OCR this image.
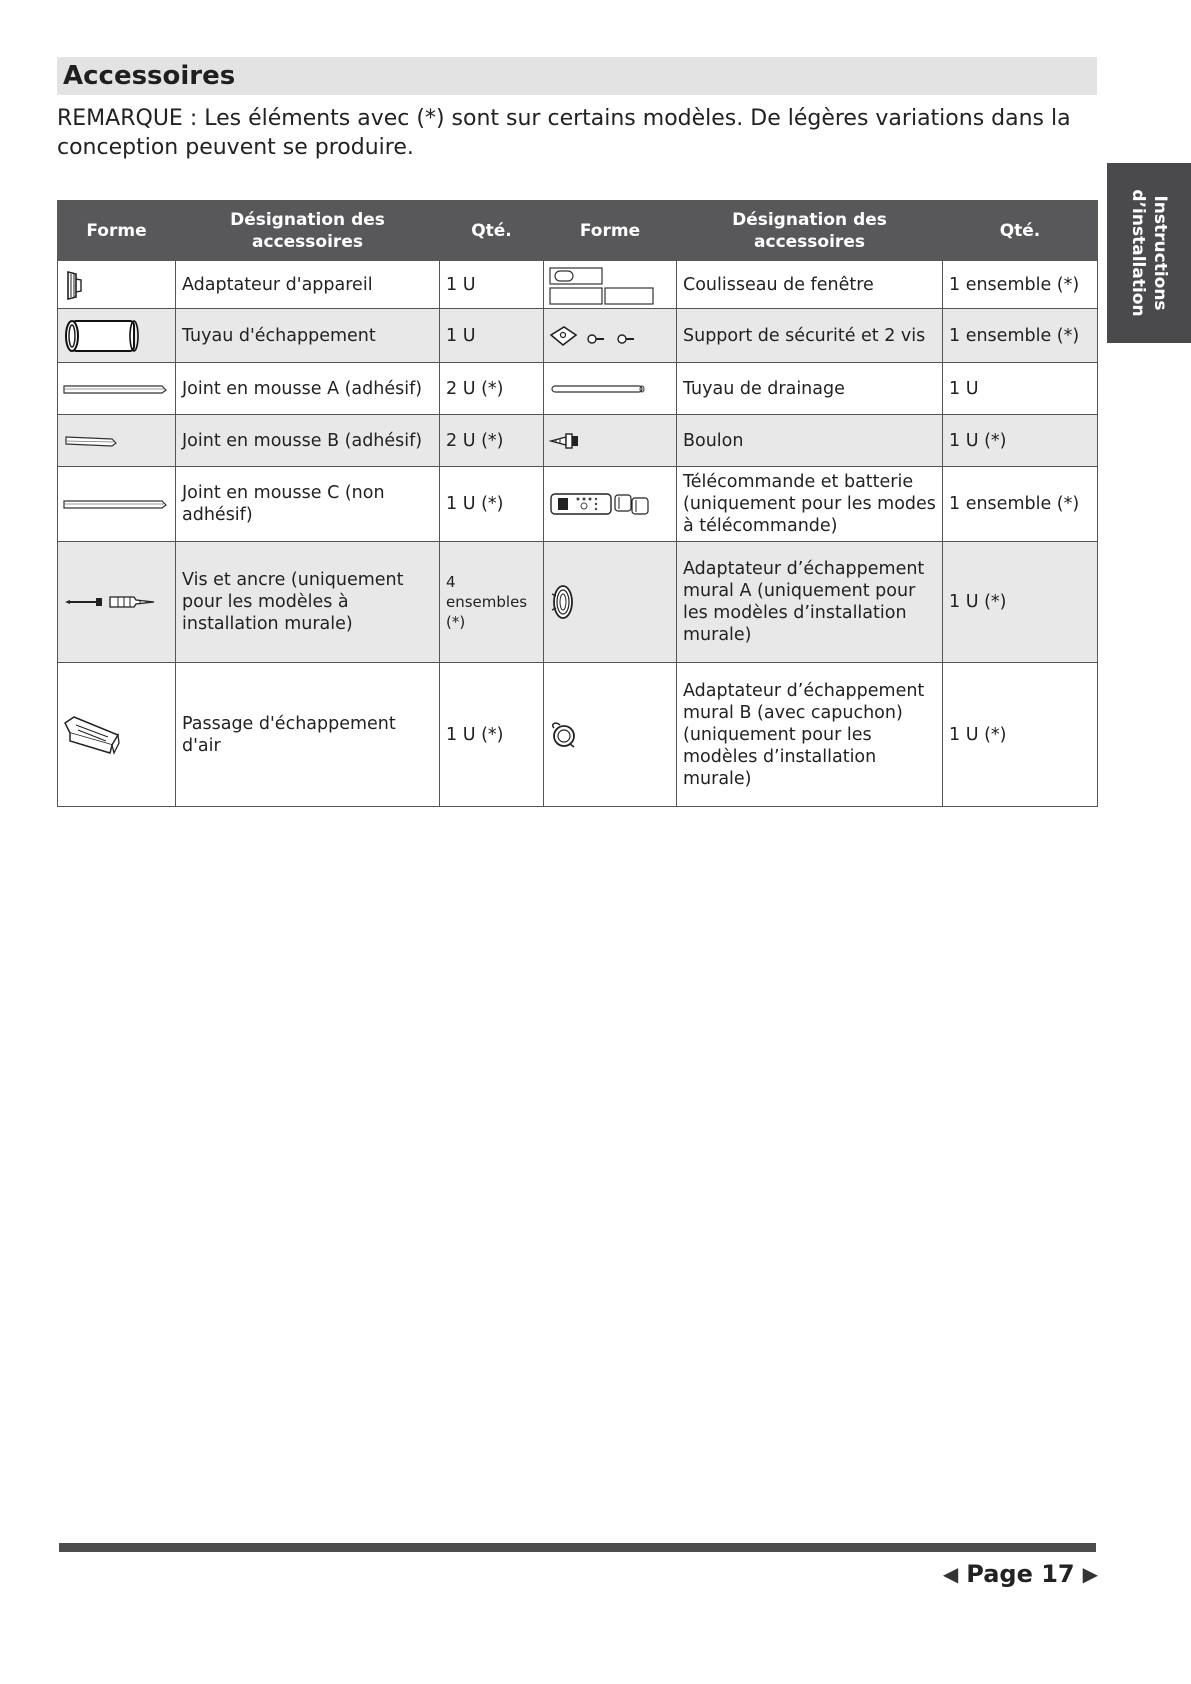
Accessoires

REMARQUE : Les éléments avec (*) sont sur certains modèles. De légères variations dans la conception peuvent se produire.

Instructions d’installation
Forme	Désignation des accessoires	Qté.	Forme	Désignation des accessoires	Qté.

	Adaptateur d'appareil	1 U		Coulisseau de fenêtre	1 ensemble (*)

	Tuyau d'échappement	1 U		Support de sécurité et 2 vis	1 ensemble (*)

	Joint en mousse A (adhésif)	2 U (*)		Tuyau de drainage	1 U

	Joint en mousse B (adhésif)	2 U (*)		Boulon	1 U (*)

	Joint en mousse C (non adhésif)	1 U (*)		Télécommande et batterie (uniquement pour les modes à télécommande)	1 ensemble (*)

	Vis et ancre (uniquement pour les modèles à installation murale)	4 ensembles (*)		Adaptateur d’échappement mural A (uniquement pour les modèles d’installation murale)	1 U (*)

	Passage d'échappement d'air	1 U (*)		Adaptateur d’échappement mural B (avec capuchon) (uniquement pour les modèles d’installation murale)	1 U (*)
◀ Page 17 ▶
